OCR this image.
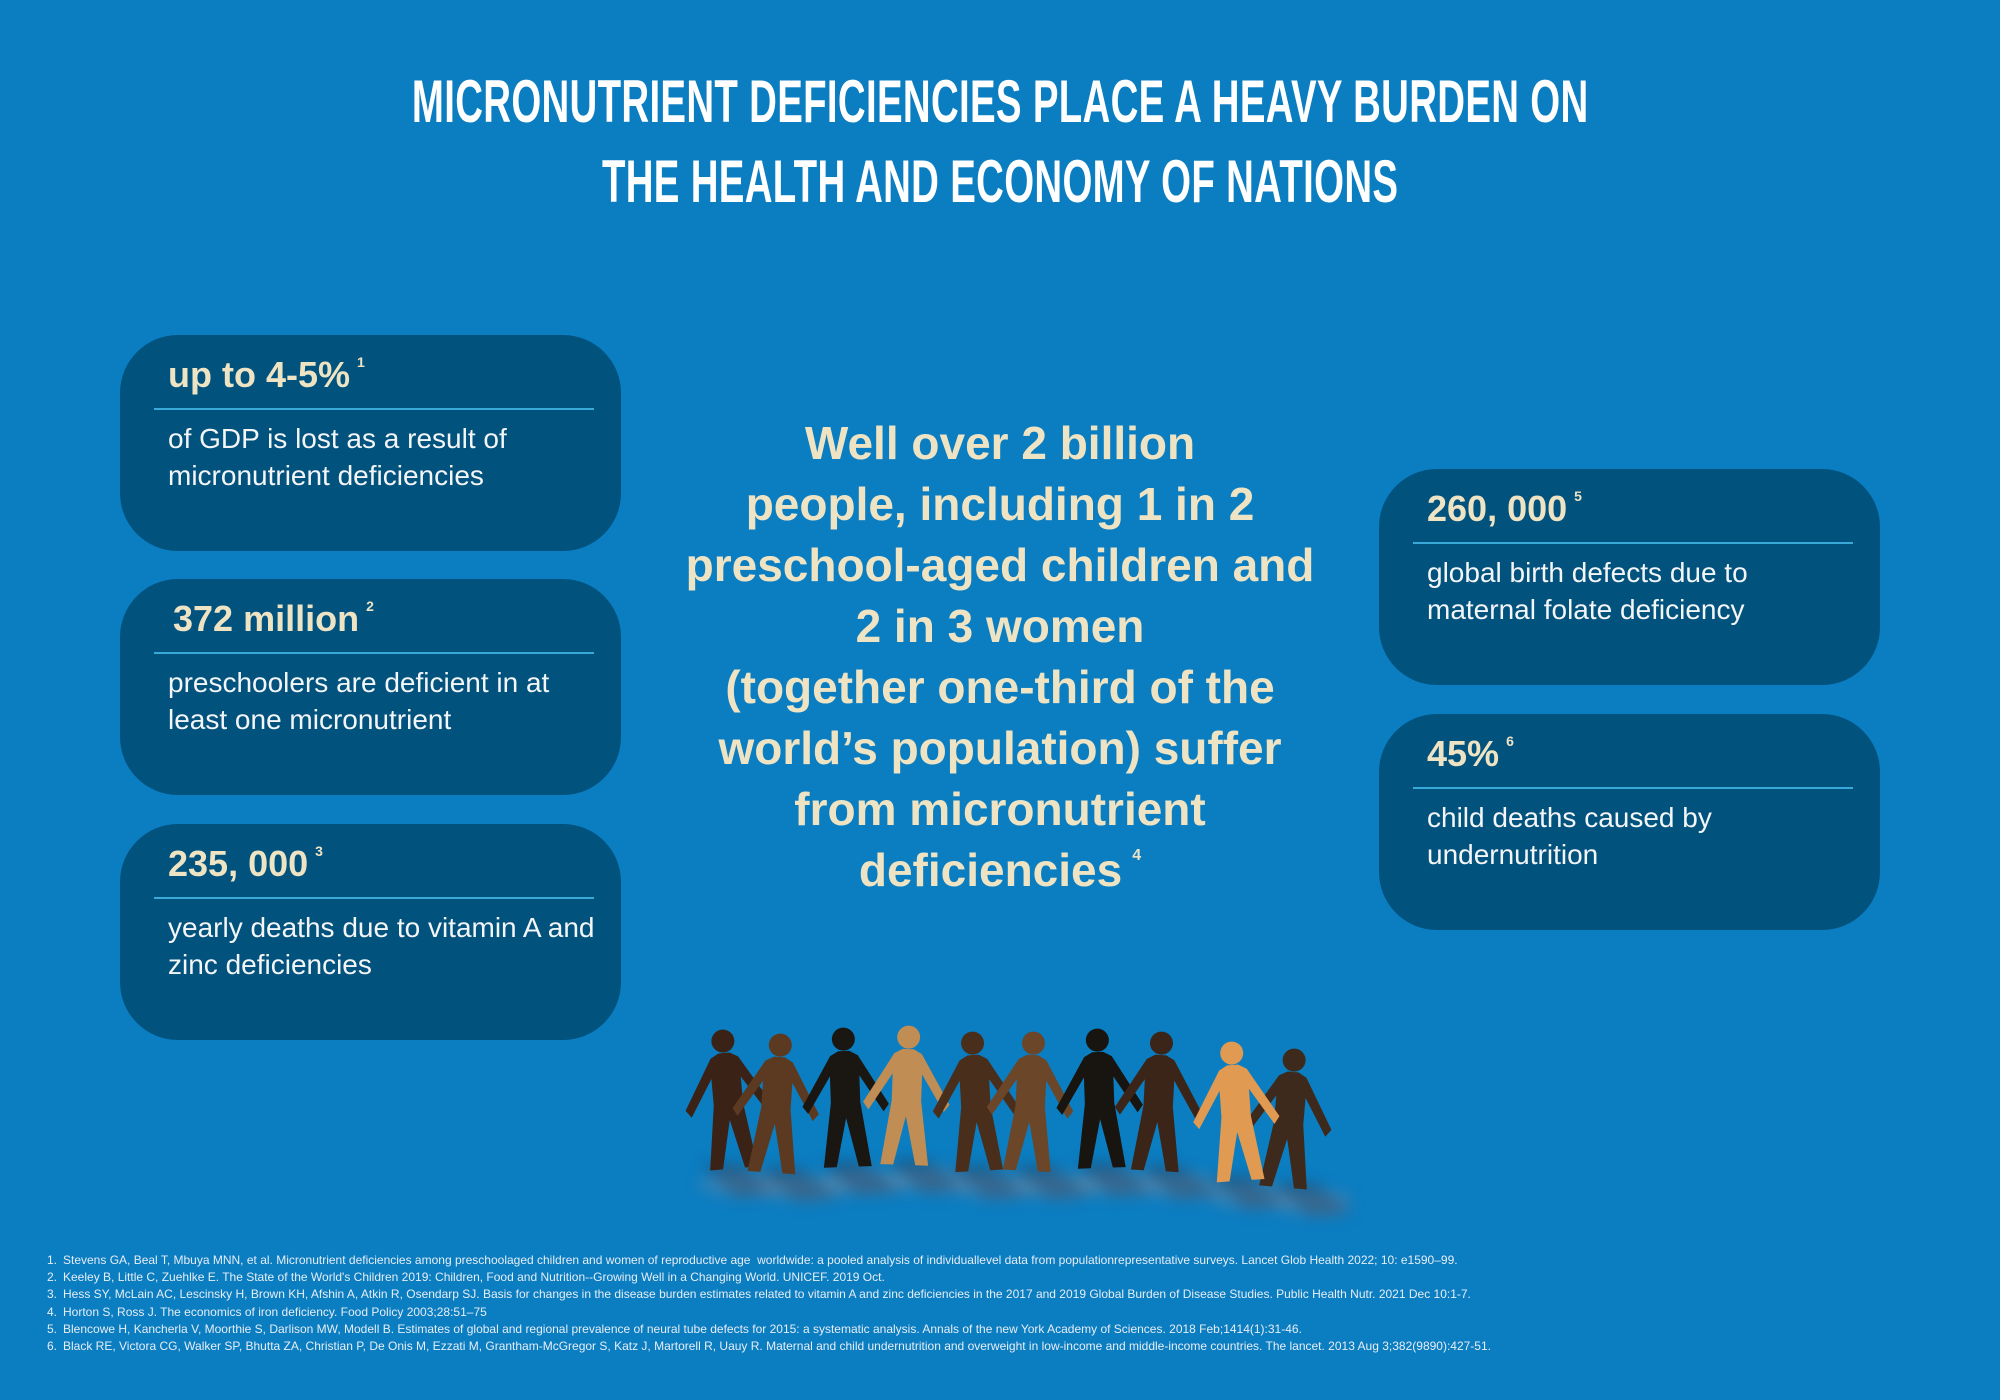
MICRONUTRIENT DEFICIENCIES PLACE A HEAVY BURDEN ON
THE HEALTH AND ECONOMY OF NATIONS
up to 4-5% $^1$
of GDP is lost as a result of
micronutrient deficiencies
372 million $^2$
preschoolers are deficient in at
least one micronutrient
235, 000 $^3$
yearly deaths due to vitamin A and
zinc deficiencies
260, 000 $^5$
global birth defects due to
maternal folate deficiency
45% $^6$
child deaths caused by
undernutrition
Well over 2 billion
people, including 1 in 2
preschool-aged children and
2 in 3 women
(together one-third of the
world’s population) suffer
from micronutrient
deficiencies $^4$
1. Stevens GA, Beal T, Mbuya MNN, et al. Micronutrient deficiencies among preschoolaged children and women of reproductive age  worldwide: a pooled analysis of individuallevel data from populationrepresentative surveys. Lancet Glob Health 2022; 10: e1590–99.
2. Keeley B, Little C, Zuehlke E. The State of the World's Children 2019: Children, Food and Nutrition--Growing Well in a Changing World. UNICEF. 2019 Oct.
3. Hess SY, McLain AC, Lescinsky H, Brown KH, Afshin A, Atkin R, Osendarp SJ. Basis for changes in the disease burden estimates related to vitamin A and zinc deficiencies in the 2017 and 2019 Global Burden of Disease Studies. Public Health Nutr. 2021 Dec 10:1-7.
4. Horton S, Ross J. The economics of iron deficiency. Food Policy 2003;28:51–75
5. Blencowe H, Kancherla V, Moorthie S, Darlison MW, Modell B. Estimates of global and regional prevalence of neural tube defects for 2015: a systematic analysis. Annals of the new York Academy of Sciences. 2018 Feb;1414(1):31-46.
6. Black RE, Victora CG, Walker SP, Bhutta ZA, Christian P, De Onis M, Ezzati M, Grantham-McGregor S, Katz J, Martorell R, Uauy R. Maternal and child undernutrition and overweight in low-income and middle-income countries. The lancet. 2013 Aug 3;382(9890):427-51.
